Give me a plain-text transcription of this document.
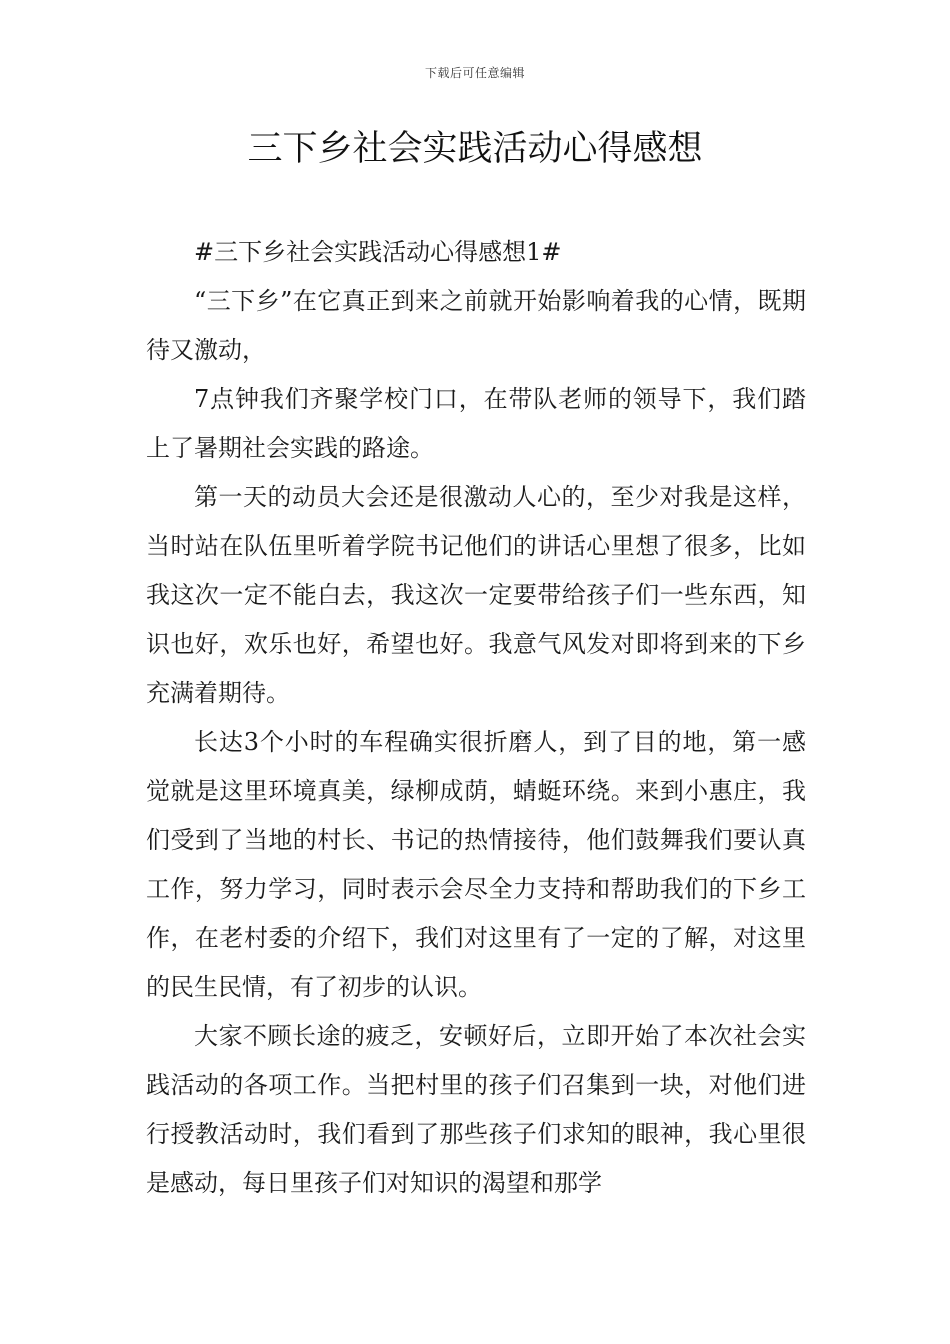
下载后可任意编辑
三下乡社会实践活动心得感想

#三下乡社会实践活动心得感想1#

“三下乡”在它真正到来之前就开始影响着我的心情，既期待又激动，

7点钟我们齐聚学校门口，在带队老师的领导下，我们踏上了暑期社会实践的路途。

第一天的动员大会还是很激动人心的，至少对我是这样，当时站在队伍里听着学院书记他们的讲话心里想了很多，比如我这次一定不能白去，我这次一定要带给孩子们一些东西，知识也好，欢乐也好，希望也好。我意气风发对即将到来的下乡充满着期待。

长达3个小时的车程确实很折磨人，到了目的地，第一感觉就是这里环境真美，绿柳成荫，蜻蜓环绕。来到小惠庄，我们受到了当地的村长、书记的热情接待，他们鼓舞我们要认真工作，努力学习，同时表示会尽全力支持和帮助我们的下乡工作，在老村委的介绍下，我们对这里有了一定的了解，对这里的民生民情，有了初步的认识。

大家不顾长途的疲乏，安顿好后，立即开始了本次社会实践活动的各项工作。当把村里的孩子们召集到一块，对他们进行授教活动时，我们看到了那些孩子们求知的眼神，我心里很是感动，每日里孩子们对知识的渴望和那学
